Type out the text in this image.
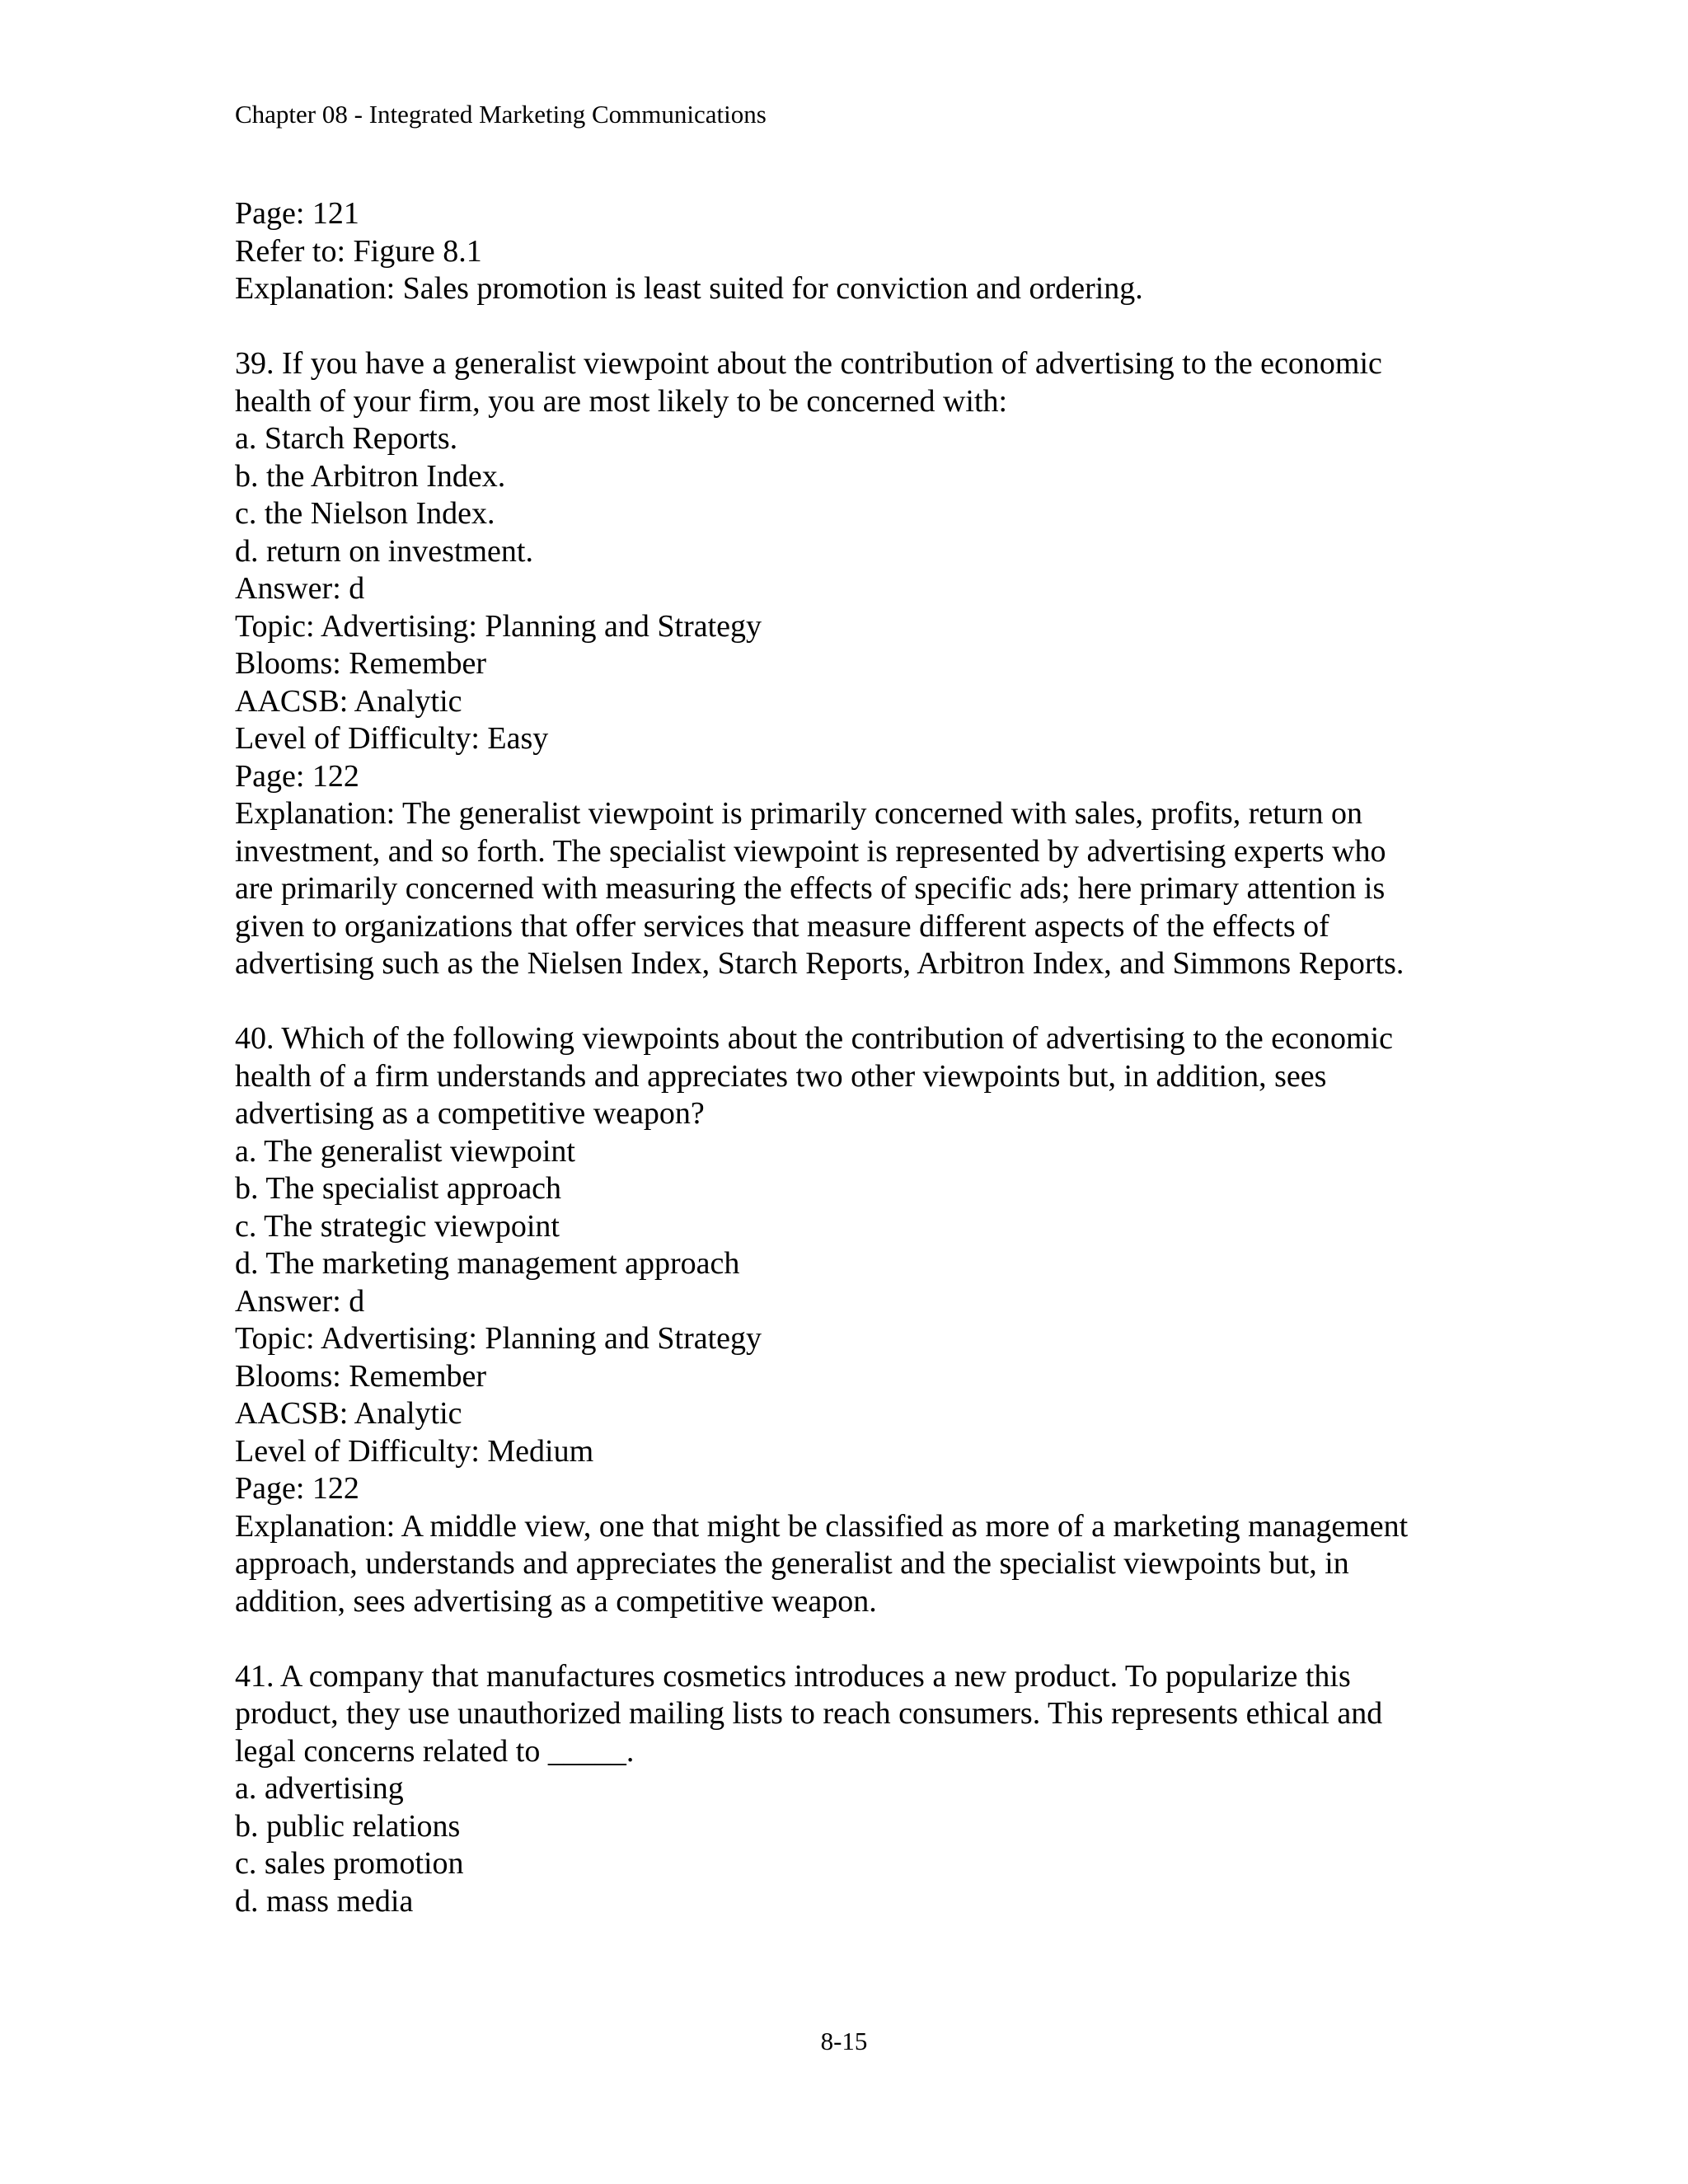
Chapter 08 - Integrated Marketing Communications
Page: 121
Refer to: Figure 8.1
Explanation: Sales promotion is least suited for conviction and ordering.
39. If you have a generalist viewpoint about the contribution of advertising to the economic
health of your firm, you are most likely to be concerned with:
a. Starch Reports.
b. the Arbitron Index.
c. the Nielson Index.
d. return on investment.
Answer: d
Topic: Advertising: Planning and Strategy
Blooms: Remember
AACSB: Analytic
Level of Difficulty: Easy
Page: 122
Explanation: The generalist viewpoint is primarily concerned with sales, profits, return on
investment, and so forth. The specialist viewpoint is represented by advertising experts who
are primarily concerned with measuring the effects of specific ads; here primary attention is
given to organizations that offer services that measure different aspects of the effects of
advertising such as the Nielsen Index, Starch Reports, Arbitron Index, and Simmons Reports.
40. Which of the following viewpoints about the contribution of advertising to the economic
health of a firm understands and appreciates two other viewpoints but, in addition, sees
advertising as a competitive weapon?
a. The generalist viewpoint
b. The specialist approach
c. The strategic viewpoint
d. The marketing management approach
Answer: d
Topic: Advertising: Planning and Strategy
Blooms: Remember
AACSB: Analytic
Level of Difficulty: Medium
Page: 122
Explanation: A middle view, one that might be classified as more of a marketing management
approach, understands and appreciates the generalist and the specialist viewpoints but, in
addition, sees advertising as a competitive weapon.
41. A company that manufactures cosmetics introduces a new product. To popularize this
product, they use unauthorized mailing lists to reach consumers. This represents ethical and
legal concerns related to _____.
a. advertising
b. public relations
c. sales promotion
d. mass media
8-15
